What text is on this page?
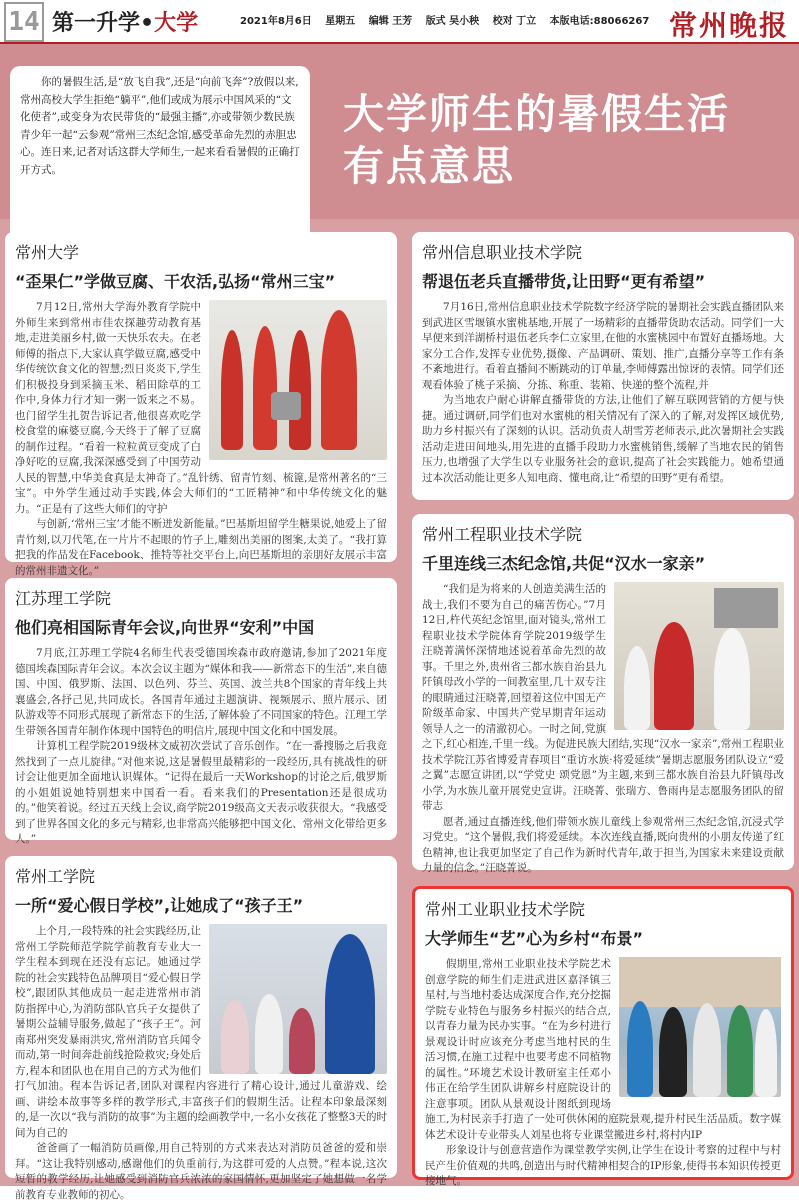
14 第一升学•大学	2021年8月6日 星期五 编辑 王芳 版式 吴小秧 校对 丁立 本版电话:88066267 常州晚报
你的暑假生活,是“放飞自我”,还是“向前飞奔”?放假以来,常州高校大学生拒绝“躺平”,他们或成为展示中国风采的“文化使者”,或变身为农民带货的“最强主播”,亦或带领少数民族青少年一起“云参观”常州三杰纪念馆,感受革命先烈的赤胆忠心。连日来,记者对话这群大学师生,一起来看看暑假的正确打开方式。
大学师生的暑假生活
有点意思
常州大学
“歪果仁”学做豆腐、干农活,弘扬“常州三宝”

7月12日,常州大学海外教育学院中外师生来到常州市佳农探趣劳动教育基地,走进美丽乡村,做一天快乐农夫。在老师傅的指点下,大家认真学做豆腐,感受中华传统饮食文化的智慧;烈日炎炎下,学生们积极投身到采摘玉米、稻田除草的工作中,身体力行才知一粥一饭来之不易。也门留学生扎贺告诉记者,他很喜欢吃学校食堂的麻婆豆腐,今天终于了解了豆腐的制作过程。“看着一粒粒黄豆变成了白净好吃的豆腐,我深深感受到了中国劳动人民的智慧,中华美食真是太神奇了。”乱针绣、留青竹刻、梳篦,是常州著名的“三宝”。中外学生通过动手实践,体会大师们的“工匠精神”和中华传统文化的魅力。“正是有了这些大师们的守护

与创新,‘常州三宝’才能不断迸发新能量。”巴基斯坦留学生糖果说,她爱上了留青竹刻,以刀代笔,在一片片不起眼的竹子上,雕刻出美丽的图案,太美了。“我打算把我的作品发在Facebook、推特等社交平台上,向巴基斯坦的亲朋好友展示丰富的常州非遗文化。”

常州信息职业技术学院
帮退伍老兵直播带货,让田野“更有希望”

7月16日,常州信息职业技术学院数字经济学院的暑期社会实践直播团队来到武进区雪堰镇水蜜桃基地,开展了一场精彩的直播带货助农活动。同学们一大早便来到洋湖桥村退伍老兵李仁立家里,在他的水蜜桃园中布置好直播场地。大家分工合作,发挥专业优势,摄像、产品调研、策划、推广,直播分享等工作有条不紊地进行。看着直播间不断跳动的订单量,李师傅露出惊讶的表情。同学们还观看体验了桃子采摘、分拣、称重、装箱、快递的整个流程,并

为当地农户耐心讲解直播带货的方法,让他们了解互联网营销的方便与快捷。通过调研,同学们也对水蜜桃的相关情况有了深入的了解,对发挥区域优势,助力乡村振兴有了深刻的认识。活动负责人胡雪芳老师表示,此次暑期社会实践活动走进田间地头,用先进的直播手段助力水蜜桃销售,缓解了当地农民的销售压力,也增强了大学生以专业服务社会的意识,提高了社会实践能力。她希望通过本次活动能让更多人知电商、懂电商,让“希望的田野”更有希望。

江苏理工学院
他们亮相国际青年会议,向世界“安利”中国

7月底,江苏理工学院4名师生代表受德国埃森市政府邀请,参加了2021年度德国埃森国际青年会议。本次会议主题为“媒体和我——新常态下的生活”,来自德国、中国、俄罗斯、法国、以色列、芬兰、英国、波兰共8个国家的青年线上共襄盛会,各抒己见,共同成长。各国青年通过主题演讲、视频展示、照片展示、团队游戏等不同形式展现了新常态下的生活,了解体验了不同国家的特色。江理工学生带领各国青年制作体现中国特色的明信片,展现中国文化和中国发展。

计算机工程学院2019级林文威初次尝试了音乐创作。“在一番搜肠之后我竟然找到了一点儿旋律。”对他来说,这是暑假里最精彩的一段经历,具有挑战性的研讨会让他更加全面地认识媒体。“记得在最后一天Workshop的讨论之后,俄罗斯的小姐姐说她特别想来中国看一看。看来我们的Presentation还是很成功的。”他笑着说。经过五天线上会议,商学院2019级高文天表示收获很大。“我感受到了世界各国文化的多元与精彩,也非常高兴能够把中国文化、常州文化带给更多人。”

常州工程职业技术学院
千里连线三杰纪念馆,共促“汉水一家亲”

“我们是为将来的人创造美满生活的战士,我们不要为自己的痛苦伤心。”7月12日,杵代英纪念馆里,面对镜头,常州工程职业技术学院体育学院2019级学生汪晓菁满怀深情地述说着革命先烈的故事。千里之外,贵州省三都水族自治县九阡镇母改小学的一间教室里,几十双专注的眼睛通过汪晓菁,回望着这位中国无产阶级革命家、中国共产党早期青年运动领导人之一的清澈初心。一时之间,党旗之下,红心相连,千里一线。为促进民族大团结,实现“汉水一家亲”,常州工程职业技术学院江苏省博爱青春项目“重访水族·将爱延续”暑期志愿服务团队设立“爱之翼”志愿宣讲团,以“学党史 颂党恩”为主题,来到三都水族自治县九阡镇母改小学,为水族儿童开展党史宣讲。汪晓菁、张瑞方、鲁雨冉是志愿服务团队的留带志

愿者,通过直播连线,他们带领水族儿童线上参观常州三杰纪念馆,沉浸式学习党史。“这个暑假,我们将爱延续。本次连线直播,既向贵州的小朋友传递了红色精神,也让我更加坚定了自己作为新时代青年,敢于担当,为国家未来建设贡献力量的信念。”汪晓菁说。

常州工学院
一所“爱心假日学校”,让她成了“孩子王”

上个月,一段特殊的社会实践经历,让常州工学院师范学院学前教育专业大一学生程本到现在还没有忘记。她通过学院的社会实践特色品牌项目“爱心假日学校”,跟团队其他成员一起走进常州市消防指挥中心,为消防部队官兵子女提供了暑期公益辅导服务,做起了“孩子王”。河南郑州突发暴雨洪灾,常州消防官兵闻令而动,第一时间奔赴前线抢险救灾;身处后方,程本和团队也在用自己的方式为他们打气加油。程本告诉记者,团队对课程内容进行了精心设计,通过儿童游戏、绘画、讲绘本故事等多样的教学形式,丰富孩子们的假期生活。让程本印象最深刻的,是一次以“我与消防的故事”为主题的绘画教学中,一名小女孩花了整整3天的时间为自己的

爸爸画了一幅消防员画像,用自己特别的方式来表达对消防员爸爸的爱和崇拜。“这让我特别感动,感谢他们的负重前行,为这群可爱的人点赞。”程本说,这次短暂的教学经历,让她感受到消防官兵浓浓的家国情怀,更加坚定了她想做一名学前教育专业教师的初心。

常州工业职业技术学院
大学师生“艺”心为乡村“布景”

假期里,常州工业职业技术学院艺术创意学院的师生们走进武进区嘉泽镇三星村,与当地村委达成深度合作,充分挖掘学院专业特色与服务乡村振兴的结合点,以青春力量为民办实事。“在为乡村进行景观设计时应该充分考虑当地村民的生活习惯,在施工过程中也要考虑不同植物的属性。”环境艺术设计教研室主任邓小伟正在给学生团队讲解乡村庭院设计的注意事项。团队从景观设计图纸到现场施工,为村民亲手打造了一处可供休闲的庭院景观,提升村民生活品质。数字媒体艺术设计专业带头人刘星也将专业课堂搬进乡村,将村内IP

形象设计与创意营造作为课堂教学实例,让学生在设计考察的过程中与村民产生价值观的共鸣,创造出与时代精神相契合的IP形象,使得书本知识传授更接地气。
